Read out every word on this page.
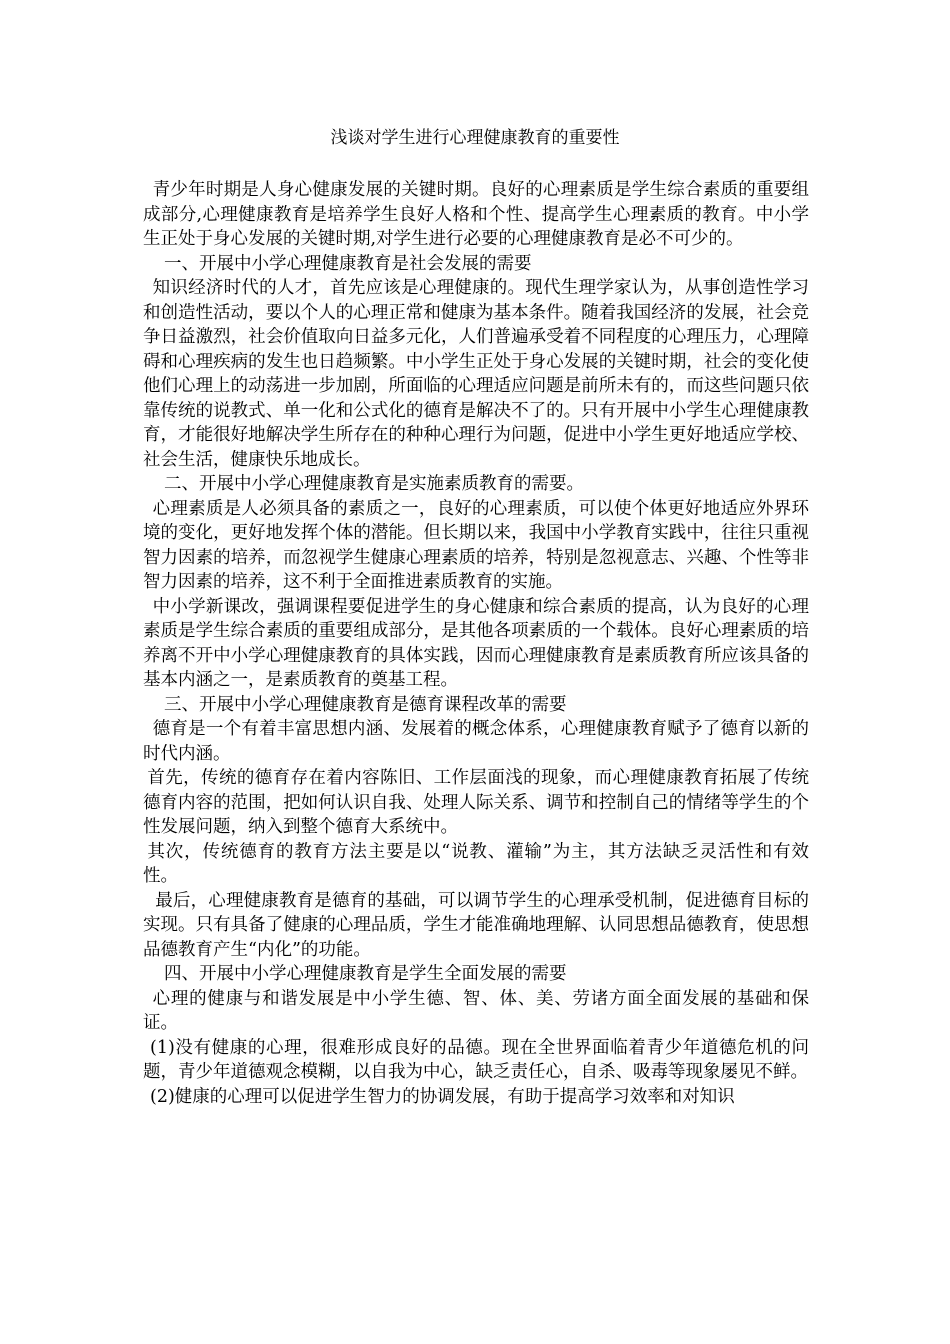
浅谈对学生进行心理健康教育的重要性

青少年时期是人身心健康发展的关键时期。良好的心理素质是学生综合素质的重要组成部分,心理健康教育是培养学生良好人格和个性、提高学生心理素质的教育。中小学生正处于身心发展的关键时期,对学生进行必要的心理健康教育是必不可少的。

一、开展中小学心理健康教育是社会发展的需要

知识经济时代的人才，首先应该是心理健康的。现代生理学家认为，从事创造性学习和创造性活动，要以个人的心理正常和健康为基本条件。随着我国经济的发展，社会竞争日益激烈，社会价值取向日益多元化，人们普遍承受着不同程度的心理压力，心理障碍和心理疾病的发生也日趋频繁。中小学生正处于身心发展的关键时期，社会的变化使他们心理上的动荡进一步加剧，所面临的心理适应问题是前所未有的，而这些问题只依靠传统的说教式、单一化和公式化的德育是解决不了的。只有开展中小学生心理健康教育，才能很好地解决学生所存在的种种心理行为问题，促进中小学生更好地适应学校、社会生活，健康快乐地成长。

二、开展中小学心理健康教育是实施素质教育的需要。

心理素质是人必须具备的素质之一，良好的心理素质，可以使个体更好地适应外界环境的变化，更好地发挥个体的潜能。但长期以来，我国中小学教育实践中，往往只重视智力因素的培养，而忽视学生健康心理素质的培养，特别是忽视意志、兴趣、个性等非智力因素的培养，这不利于全面推进素质教育的实施。

中小学新课改，强调课程要促进学生的身心健康和综合素质的提高，认为良好的心理素质是学生综合素质的重要组成部分，是其他各项素质的一个载体。良好心理素质的培养离不开中小学心理健康教育的具体实践，因而心理健康教育是素质教育所应该具备的基本内涵之一，是素质教育的奠基工程。

三、开展中小学心理健康教育是德育课程改革的需要

德育是一个有着丰富思想内涵、发展着的概念体系，心理健康教育赋予了德育以新的时代内涵。

首先，传统的德育存在着内容陈旧、工作层面浅的现象，而心理健康教育拓展了传统德育内容的范围，把如何认识自我、处理人际关系、调节和控制自己的情绪等学生的个性发展问题，纳入到整个德育大系统中。

其次，传统德育的教育方法主要是以“说教、灌输”为主，其方法缺乏灵活性和有效性。

最后，心理健康教育是德育的基础，可以调节学生的心理承受机制，促进德育目标的实现。只有具备了健康的心理品质，学生才能准确地理解、认同思想品德教育，使思想品德教育产生“内化”的功能。

四、开展中小学心理健康教育是学生全面发展的需要

心理的健康与和谐发展是中小学生德、智、体、美、劳诸方面全面发展的基础和保证。

(1)没有健康的心理，很难形成良好的品德。现在全世界面临着青少年道德危机的问题，青少年道德观念模糊，以自我为中心，缺乏责任心，自杀、吸毒等现象屡见不鲜。

(2)健康的心理可以促进学生智力的协调发展，有助于提高学习效率和对知识
